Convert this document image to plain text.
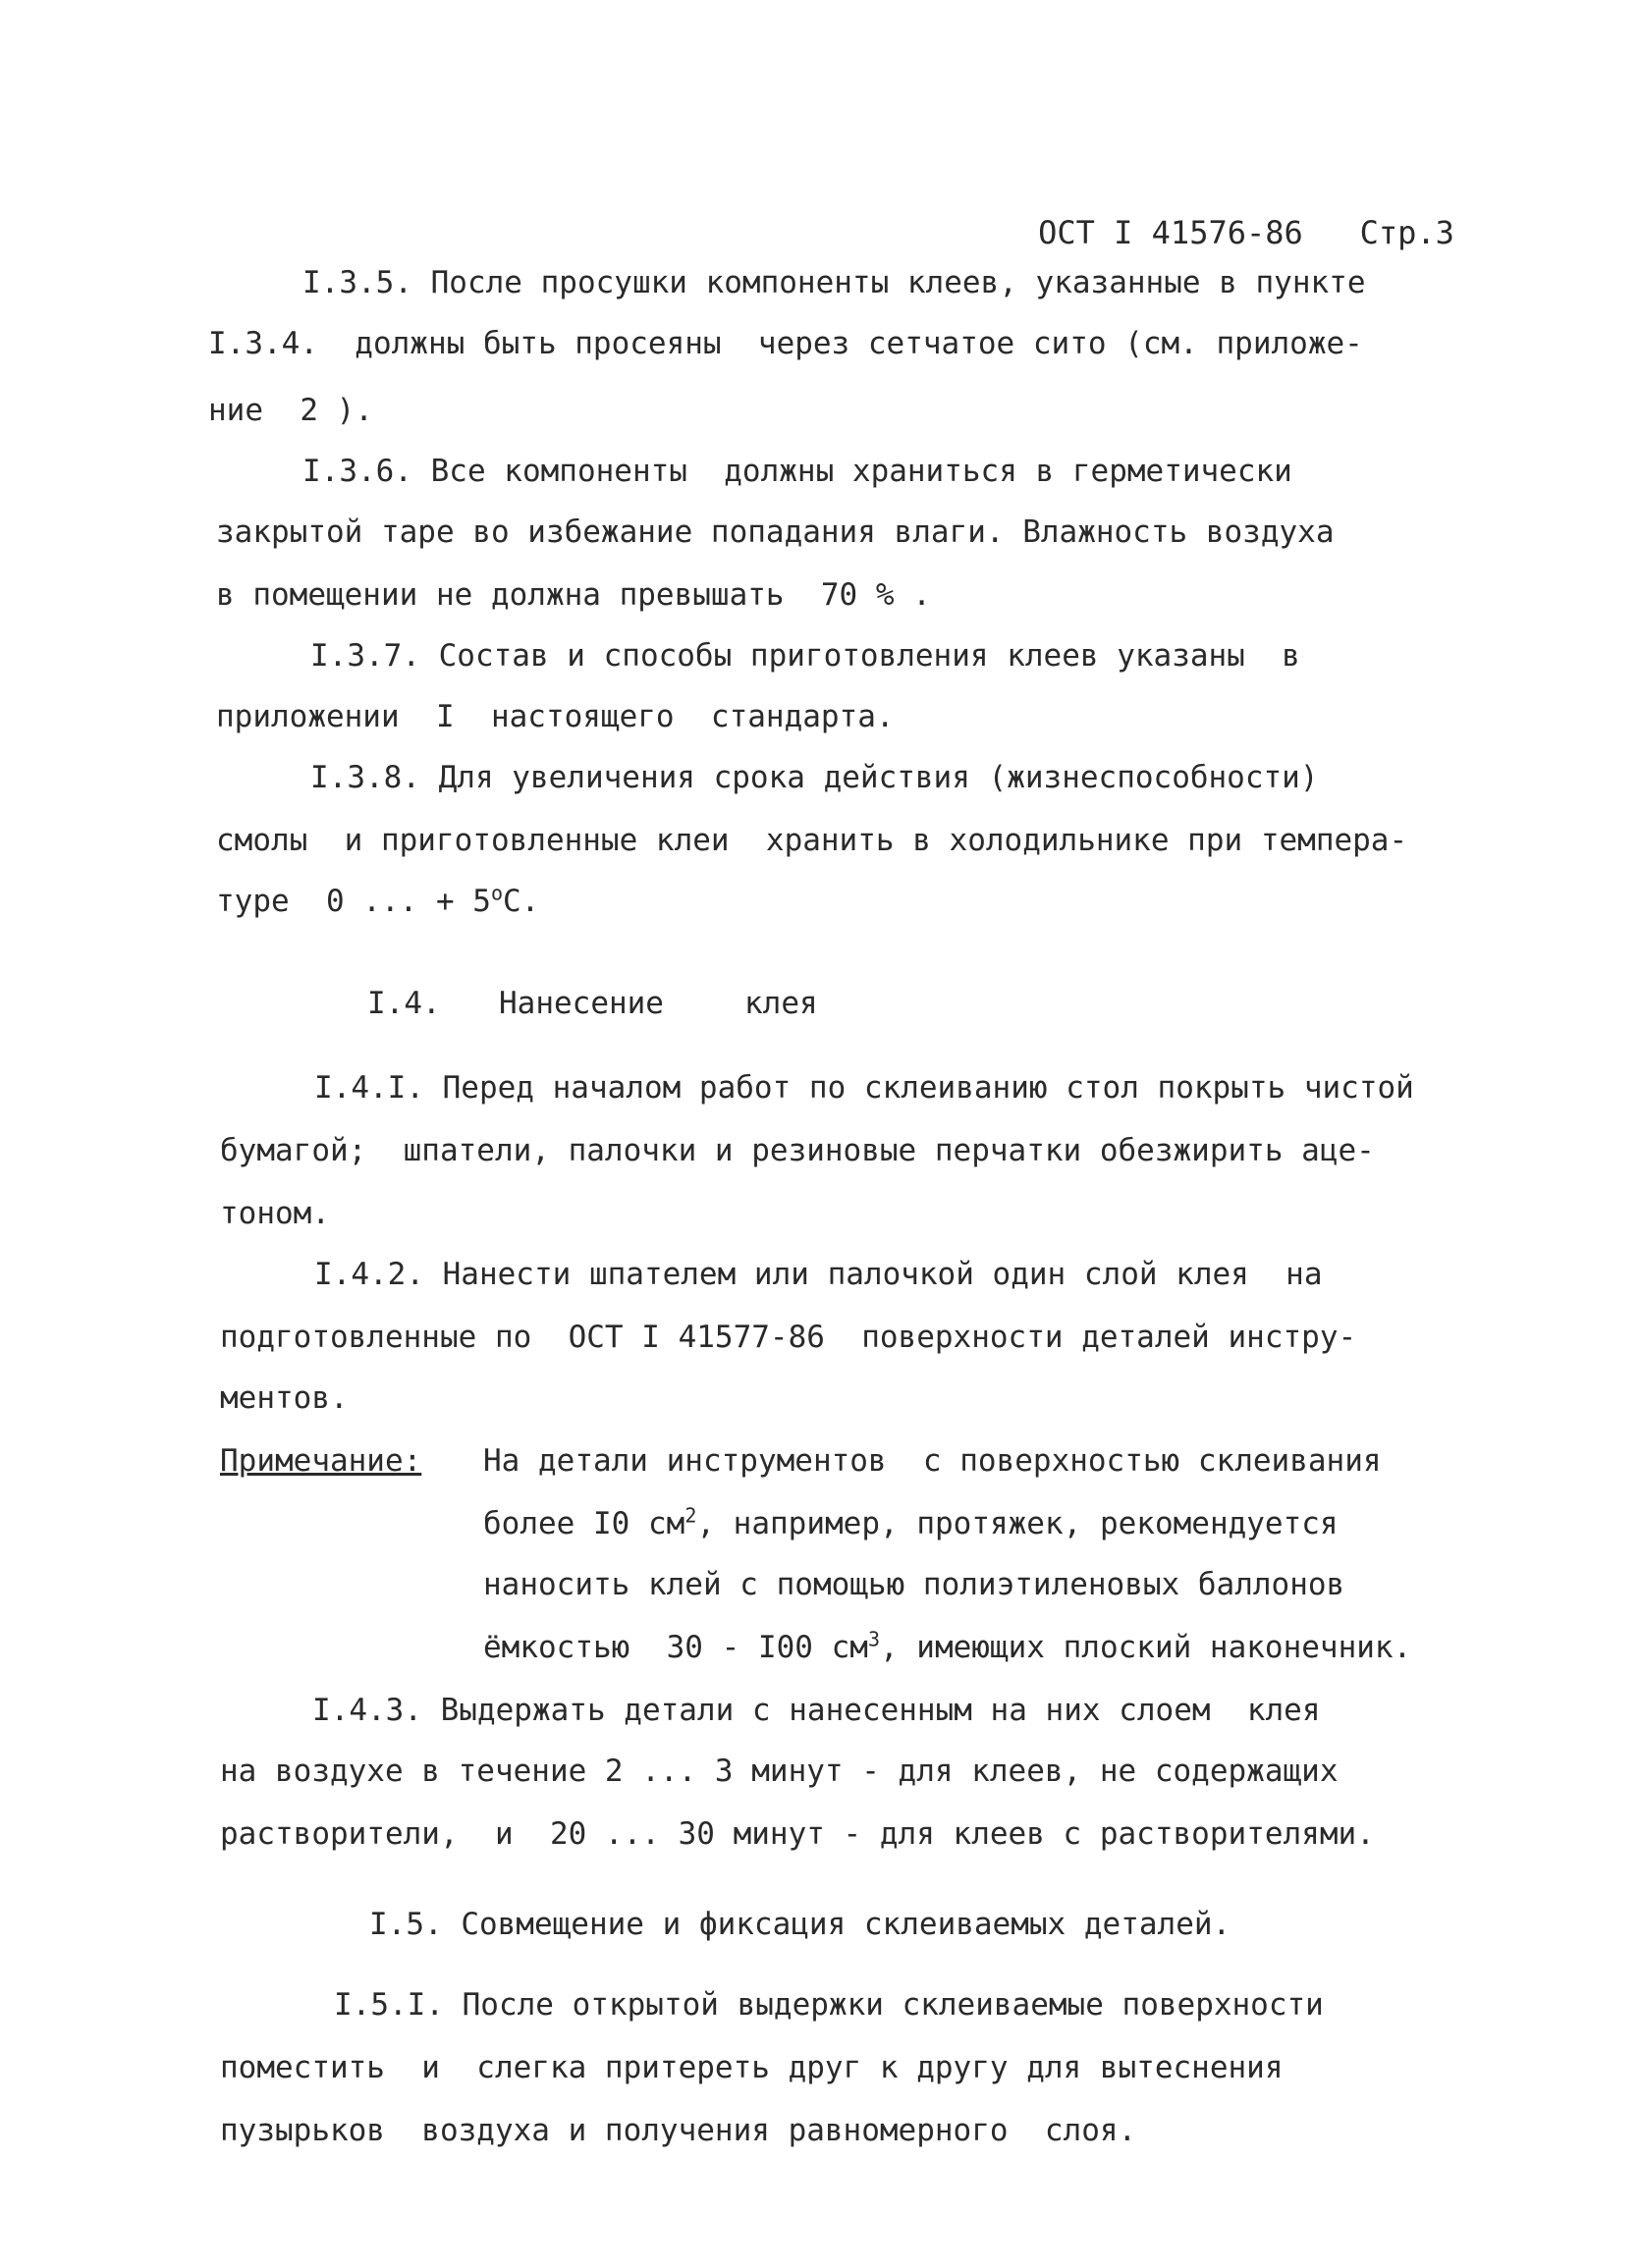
ОСТ I 41576-86 Стр.3

I.3.5. После просушки компоненты клеев, указанные в пункте
I.3.4.  должны быть просеяны  через сетчатое сито (см. приложе-
ние  2 ).
I.3.6. Все компоненты  должны храниться в герметически
закрытой таре во избежание попадания влаги. Влажность воздуха
в помещении не должна превышать  70 % .
I.3.7. Состав и способы приготовления клеев указаны  в
приложении  I  настоящего  стандарта.
I.3.8. Для увеличения срока действия (жизнеспособности)
смолы  и приготовленные клеи  хранить в холодильнике при темпера-
туре  0 ... + $5^оС$.
I.4. Нанесение	клея
I.4.I. Перед началом работ по склеиванию стол покрыть чистой
бумагой;  шпатели, палочки и резиновые перчатки обезжирить аце-
тоном.
I.4.2. Нанести шпателем или палочкой один слой клея  на
подготовленные по  ОСТ I 41577-86  поверхности деталей инстру-
ментов.
Примечание: На детали инструментов  с поверхностью склеивания
более I0 $см^2$, например, протяжек, рекомендуется
наносить клей с помощью полиэтиленовых баллонов
ёмкостью  30 - I00 $см^3$, имеющих плоский наконечник.
I.4.3. Выдержать детали с нанесенным на них слоем  клея
на воздухе в течение 2 ... 3 минут - для клеев, не содержащих
растворители,  и  20 ... 30 минут - для клеев с растворителями.
I.5. Совмещение и фиксация склеиваемых деталей.
I.5.I. После открытой выдержки склеиваемые поверхности
поместить  и  слегка притереть друг к другу для вытеснения
пузырьков  воздуха и получения равномерного  слоя.
